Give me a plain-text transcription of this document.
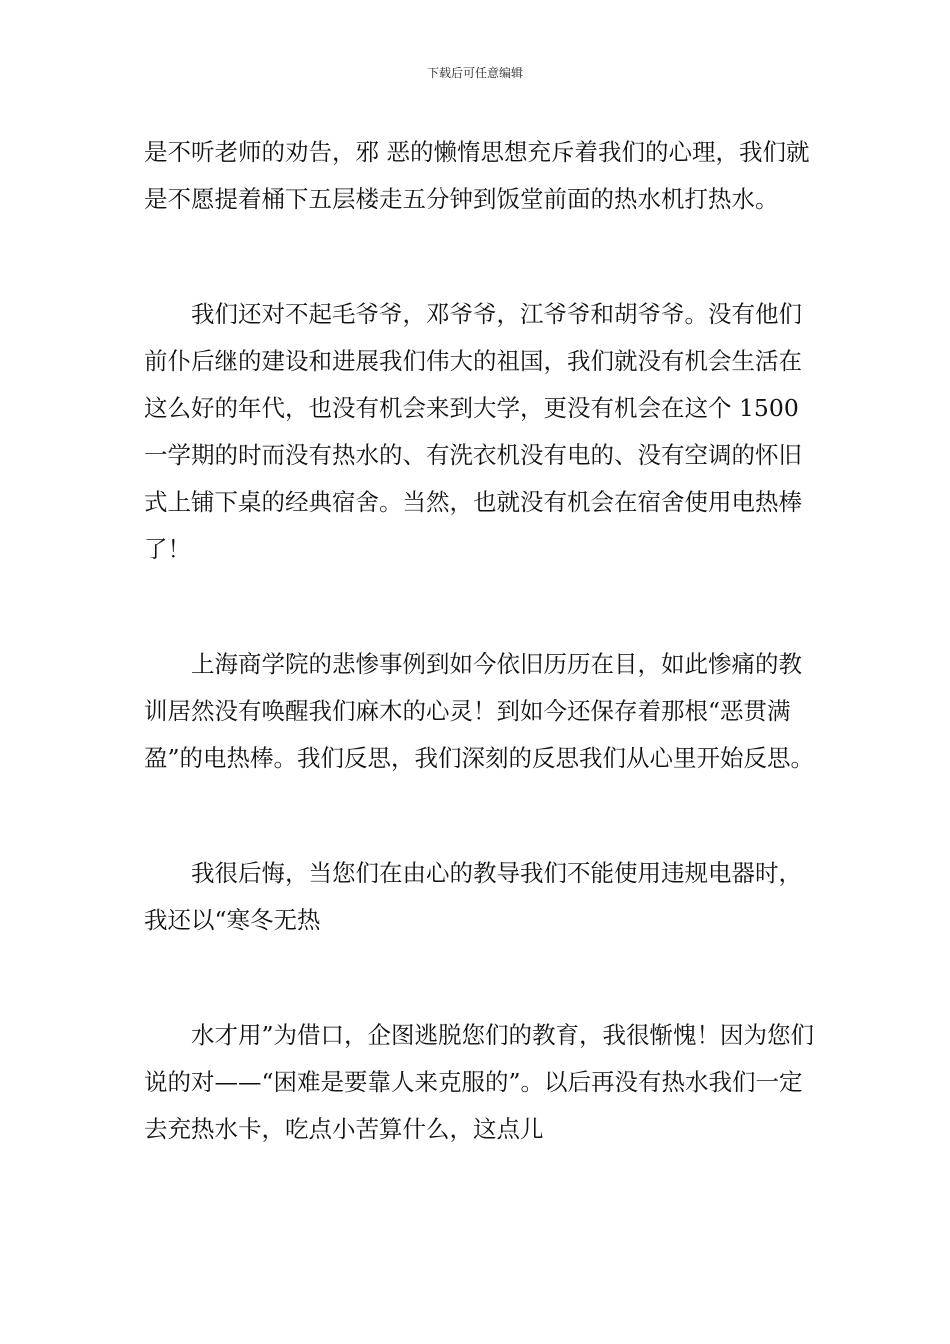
下载后可任意编辑

是不听老师的劝告，邪 恶的懒惰思想充斥着我们的心理，我们就是不愿提着桶下五层楼走五分钟到饭堂前面的热水机打热水。

我们还对不起毛爷爷，邓爷爷，江爷爷和胡爷爷。没有他们前仆后继的建设和进展我们伟大的祖国，我们就没有机会生活在这么好的年代，也没有机会来到大学，更没有机会在这个 1500 一学期的时而没有热水的、有洗衣机没有电的、没有空调的怀旧式上铺下桌的经典宿舍。当然，也就没有机会在宿舍使用电热棒了！

上海商学院的悲惨事例到如今依旧历历在目，如此惨痛的教训居然没有唤醒我们麻木的心灵！到如今还保存着那根“恶贯满盈”的电热棒。我们反思，我们深刻的反思我们从心里开始反思。

我很后悔，当您们在由心的教导我们不能使用违规电器时，我还以“寒冬无热

水才用”为借口，企图逃脱您们的教育，我很惭愧！因为您们说的对——“困难是要靠人来克服的”。以后再没有热水我们一定去充热水卡，吃点小苦算什么，这点儿
